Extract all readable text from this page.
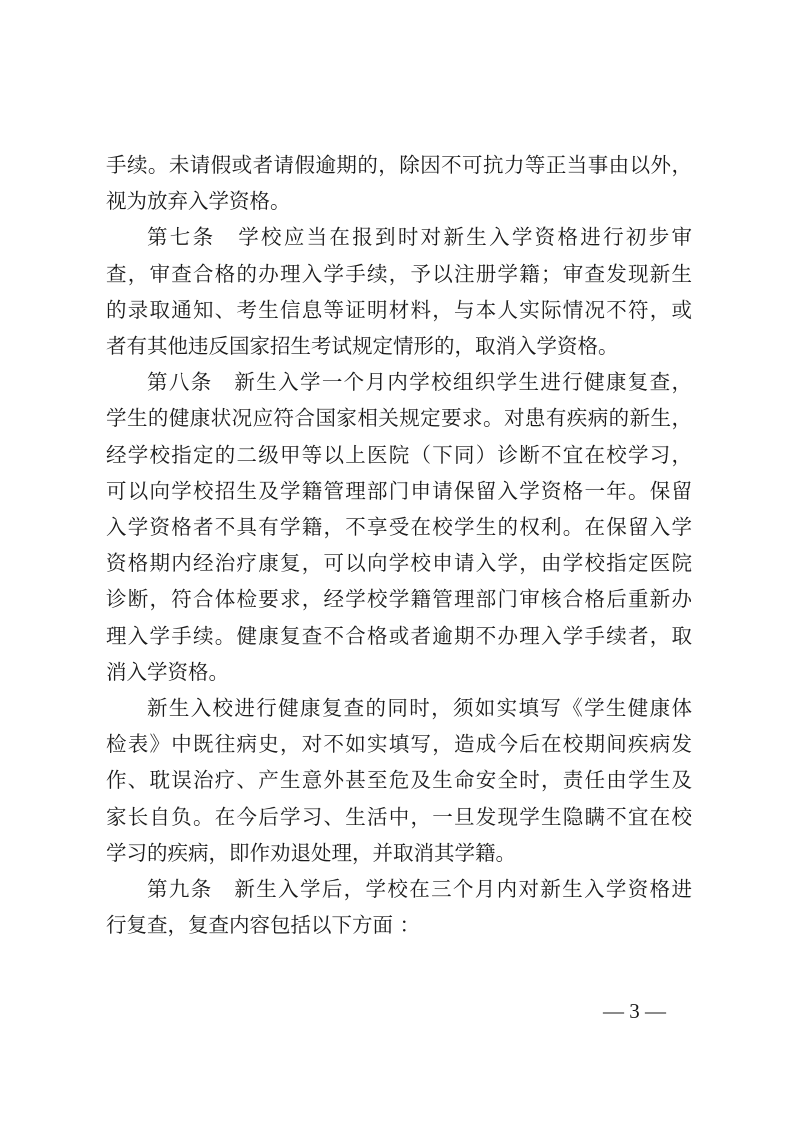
手续。未请假或者请假逾期的，除因不可抗力等正当事由以外，
视为放弃入学资格。

第七条　学校应当在报到时对新生入学资格进行初步审
查，审查合格的办理入学手续，予以注册学籍；审查发现新生
的录取通知、考生信息等证明材料，与本人实际情况不符，或
者有其他违反国家招生考试规定情形的，取消入学资格。

第八条　新生入学一个月内学校组织学生进行健康复查，
学生的健康状况应符合国家相关规定要求。对患有疾病的新生，
经学校指定的二级甲等以上医院（下同）诊断不宜在校学习，
可以向学校招生及学籍管理部门申请保留入学资格一年。保留
入学资格者不具有学籍，不享受在校学生的权利。在保留入学
资格期内经治疗康复，可以向学校申请入学，由学校指定医院
诊断，符合体检要求，经学校学籍管理部门审核合格后重新办
理入学手续。健康复查不合格或者逾期不办理入学手续者，取
消入学资格。

新生入校进行健康复查的同时，须如实填写《学生健康体
检表》中既往病史，对不如实填写，造成今后在校期间疾病发
作、耽误治疗、产生意外甚至危及生命安全时，责任由学生及
家长自负。在今后学习、生活中，一旦发现学生隐瞒不宜在校
学习的疾病，即作劝退处理，并取消其学籍。

第九条　新生入学后，学校在三个月内对新生入学资格进
行复查，复查内容包括以下方面 ：

— 3 —
